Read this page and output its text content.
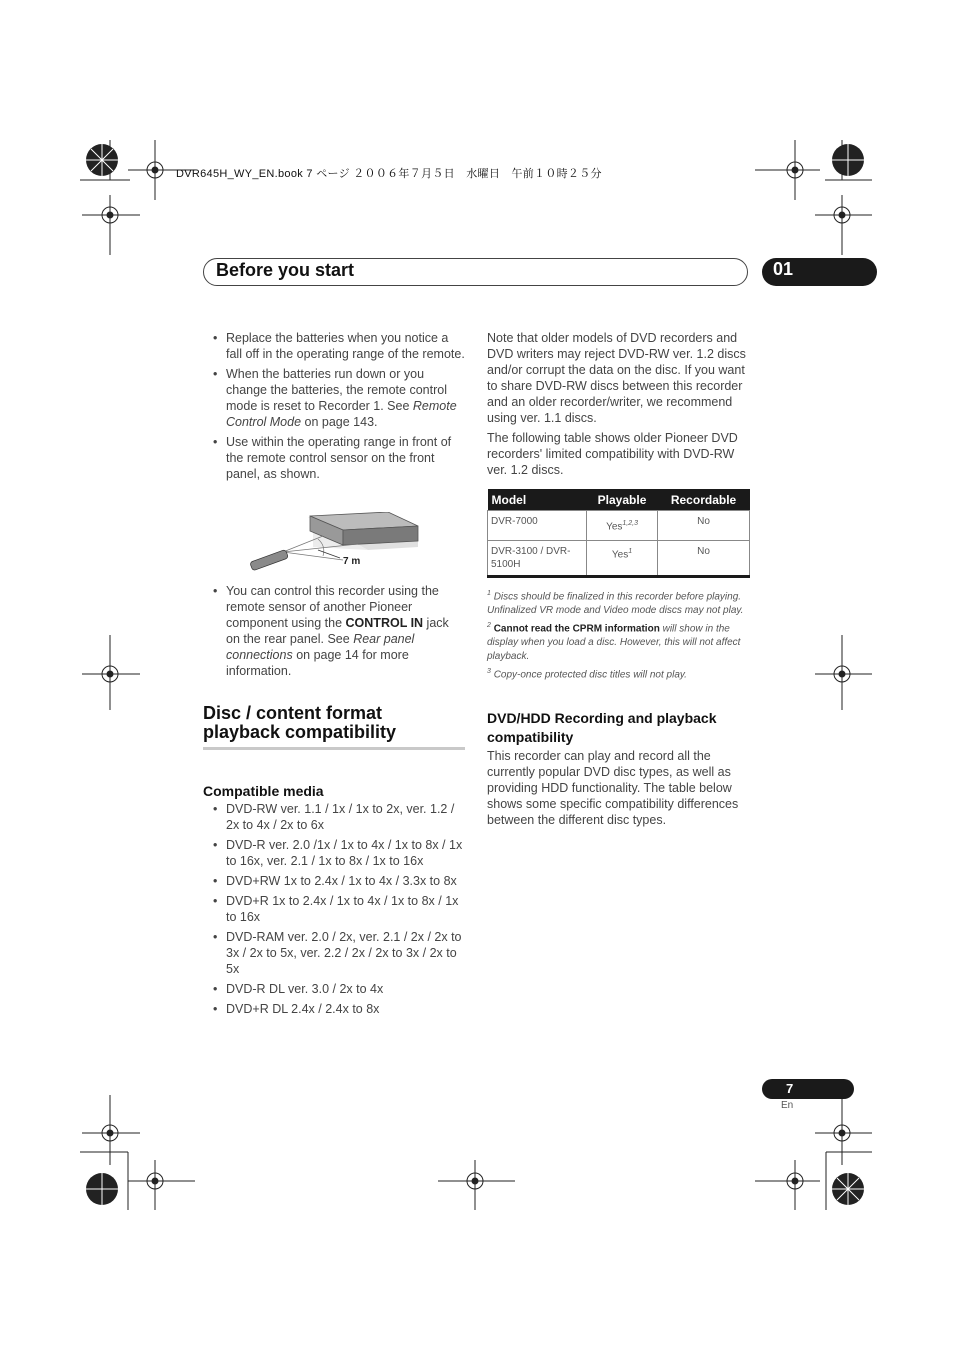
DVR645H_WY_EN.book 7 ページ ２００６年７月５日　水曜日　午前１０時２５分
Before you start	01
• Replace the batteries when you notice a fall off in the operating range of the remote.
• When the batteries run down or you change the batteries, the remote control mode is reset to Recorder 1. See Remote Control Mode on page 143.
• Use within the operating range in front of the remote control sensor on the front panel, as shown.
7 m
• You can control this recorder using the remote sensor of another Pioneer component using the CONTROL IN jack on the rear panel. See Rear panel connections on page 14 for more information.
Disc / content format
playback compatibility
Compatible media
• DVD-RW ver. 1.1 / 1x / 1x to 2x, ver. 1.2 / 2x to 4x / 2x to 6x
• DVD-R ver. 2.0 /1x / 1x to 4x / 1x to 8x / 1x to 16x, ver. 2.1 / 1x to 8x / 1x to 16x
• DVD+RW 1x to 2.4x / 1x to 4x / 3.3x to 8x
• DVD+R 1x to 2.4x / 1x to 4x / 1x to 8x / 1x to 16x
• DVD-RAM ver. 2.0 / 2x, ver. 2.1 / 2x / 2x to 3x / 2x to 5x, ver. 2.2 / 2x / 2x to 3x / 2x to 5x
• DVD-R DL ver. 3.0 / 2x to 4x
• DVD+R DL 2.4x / 2.4x to 8x

Note that older models of DVD recorders and DVD writers may reject DVD-RW ver. 1.2 discs and/or corrupt the data on the disc. If you want to share DVD-RW discs between this recorder and an older recorder/writer, we recommend using ver. 1.1 discs.

The following table shows older Pioneer DVD recorders' limited compatibility with DVD-RW ver. 1.2 discs.

Model	Playable	Recordable
DVR-7000	Yes$^{1,2,3}$	No
DVR-3100 / DVR-5100H	Yes$^1$	No
$^1$ Discs should be finalized in this recorder before playing. Unfinalized VR mode and Video mode discs may not play.
$^2$ Cannot read the CPRM information will show in the display when you load a disc. However, this will not affect playback.
$^3$ Copy-once protected disc titles will not play.
DVD/HDD Recording and playback compatibility
This recorder can play and record all the currently popular DVD disc types, as well as providing HDD functionality. The table below shows some specific compatibility differences between the different disc types.
7
En
